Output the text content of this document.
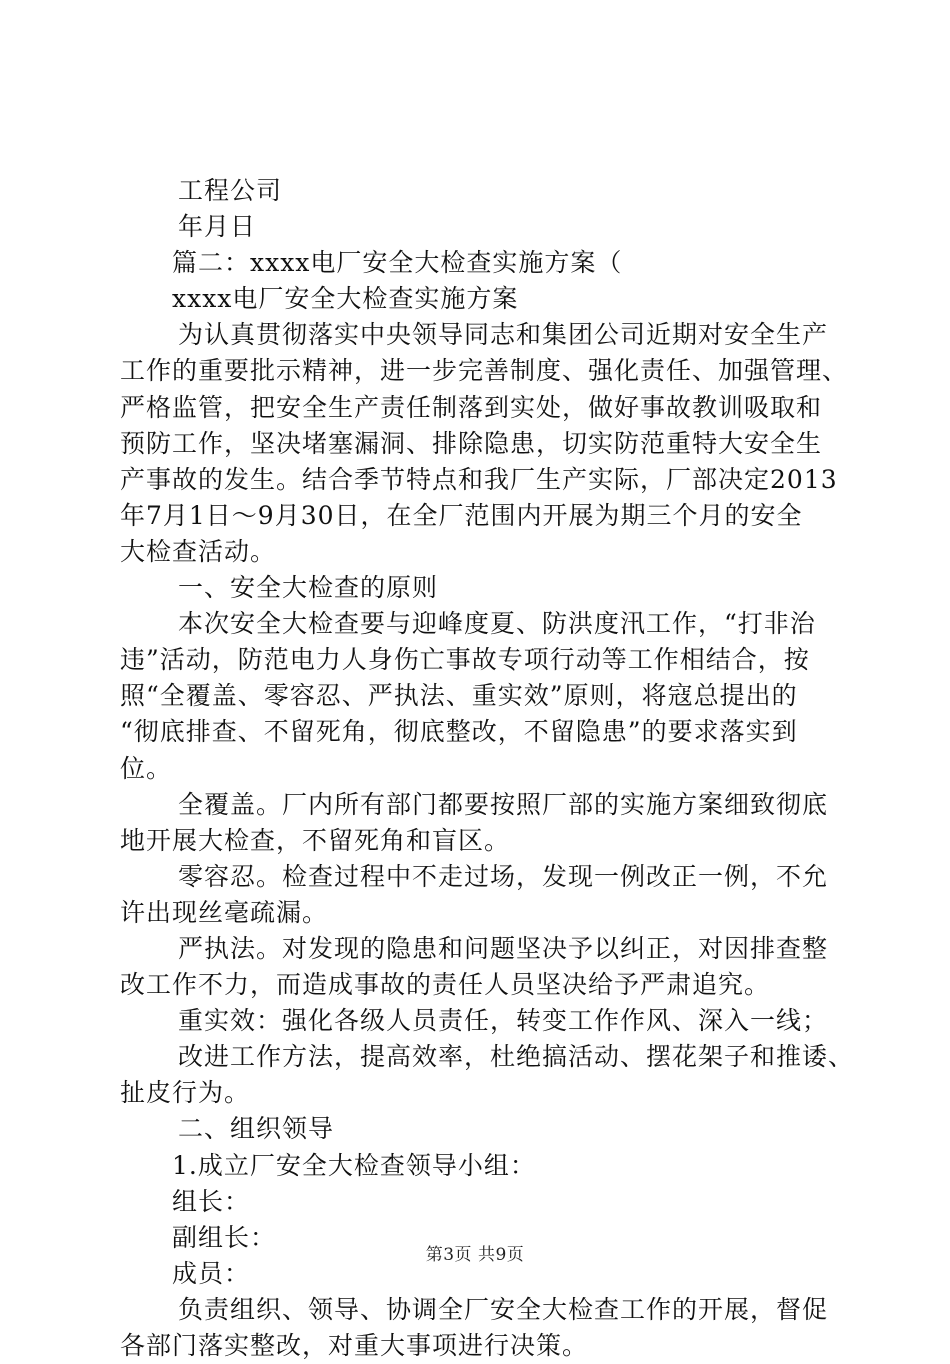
工程公司
年月日
篇二：xxxx电厂安全大检查实施方案（
xxxx电厂安全大检查实施方案
为认真贯彻落实中央领导同志和集团公司近期对安全生产
工作的重要批示精神，进一步完善制度、强化责任、加强管理、
严格监管，把安全生产责任制落到实处，做好事故教训吸取和
预防工作，坚决堵塞漏洞、排除隐患，切实防范重特大安全生
产事故的发生。结合季节特点和我厂生产实际，厂部决定2013
年7月1日～9月30日，在全厂范围内开展为期三个月的安全
大检查活动。
一、安全大检查的原则
本次安全大检查要与迎峰度夏、防洪度汛工作，“打非治
违”活动，防范电力人身伤亡事故专项行动等工作相结合，按
照“全覆盖、零容忍、严执法、重实效”原则，将寇总提出的
“彻底排查、不留死角，彻底整改，不留隐患”的要求落实到
位。
全覆盖。厂内所有部门都要按照厂部的实施方案细致彻底
地开展大检查，不留死角和盲区。
零容忍。检查过程中不走过场，发现一例改正一例，不允
许出现丝毫疏漏。
严执法。对发现的隐患和问题坚决予以纠正，对因排查整
改工作不力，而造成事故的责任人员坚决给予严肃追究。
重实效：强化各级人员责任，转变工作作风、深入一线；
改进工作方法，提高效率，杜绝搞活动、摆花架子和推诿、
扯皮行为。
二、组织领导
1.成立厂安全大检查领导小组：
组长：
副组长：
成员：
负责组织、领导、协调全厂安全大检查工作的开展，督促
各部门落实整改，对重大事项进行决策。
第3页 共9页
